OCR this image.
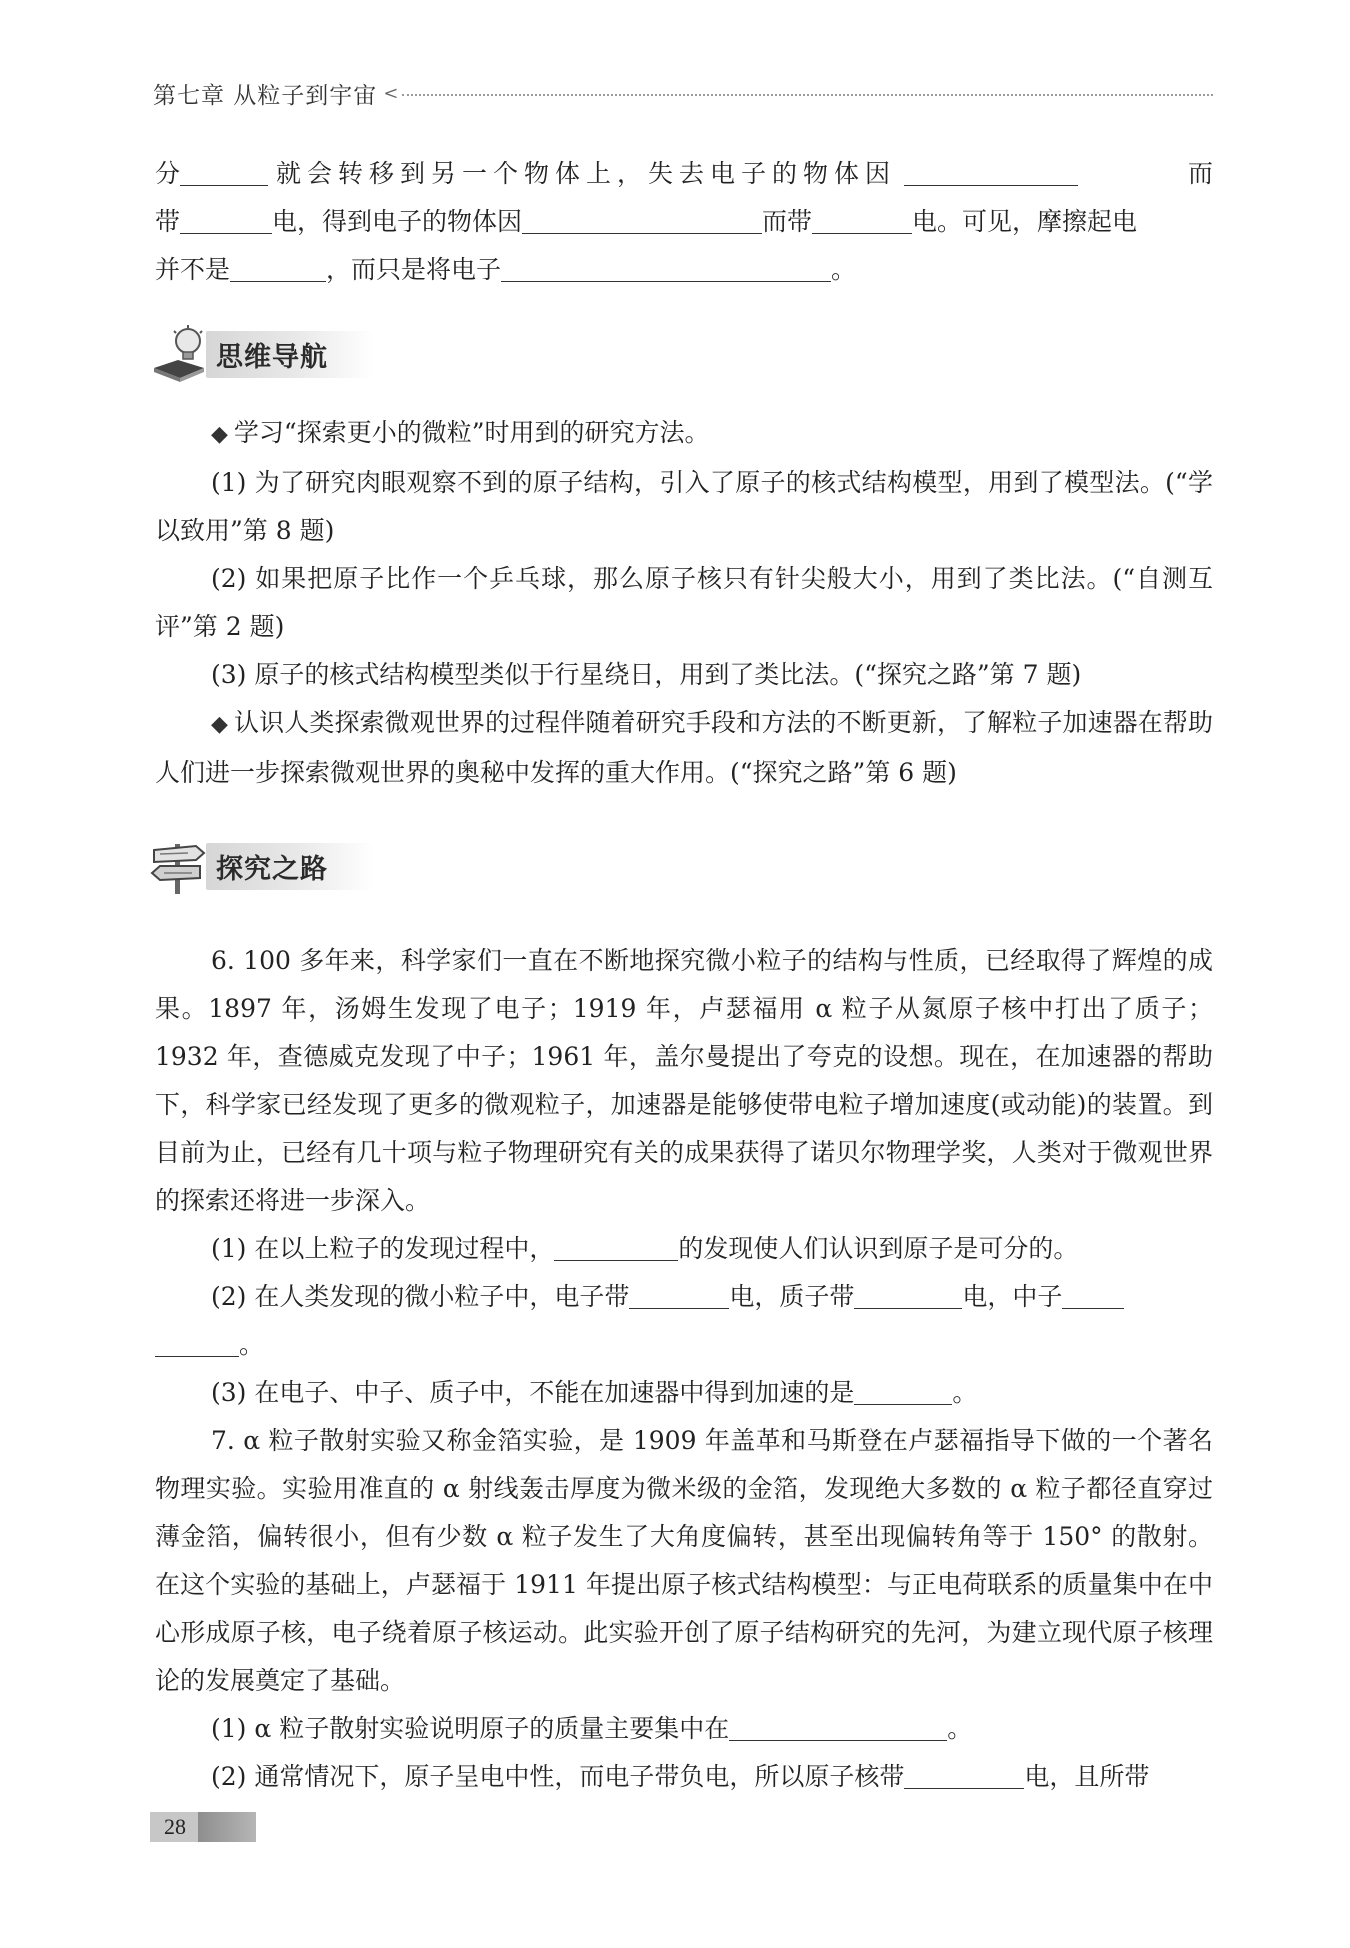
第七章 从粒子到宇宙 <
分	就会转移到另一个物体上，失去电子的物体因	而
带	电，得到电子的物体因	而带	电。可见，摩擦起电
并不是	，而只是将电子	。
思维导航
◆ 学习“探索更小的微粒”时用到的研究方法。
(1) 为了研究肉眼观察不到的原子结构，引入了原子的核式结构模型，用到了模型法。(“学以致用”第 8 题)
(2) 如果把原子比作一个乒乓球，那么原子核只有针尖般大小，用到了类比法。(“自测互评”第 2 题)
(3) 原子的核式结构模型类似于行星绕日，用到了类比法。(“探究之路”第 7 题)
◆ 认识人类探索微观世界的过程伴随着研究手段和方法的不断更新，了解粒子加速器在帮助人们进一步探索微观世界的奥秘中发挥的重大作用。(“探究之路”第 6 题)
探究之路
6. 100 多年来，科学家们一直在不断地探究微小粒子的结构与性质，已经取得了辉煌的成果。1897 年，汤姆生发现了电子；1919 年，卢瑟福用 α 粒子从氮原子核中打出了质子；1932 年，查德威克发现了中子；1961 年，盖尔曼提出了夸克的设想。现在，在加速器的帮助下，科学家已经发现了更多的微观粒子，加速器是能够使带电粒子增加速度(或动能)的装置。到目前为止，已经有几十项与粒子物理研究有关的成果获得了诺贝尔物理学奖，人类对于微观世界的探索还将进一步深入。
(1) 在以上粒子的发现过程中，	的发现使人们认识到原子是可分的。
(2) 在人类发现的微小粒子中，电子带	电，质子带	电，中子
。
(3) 在电子、中子、质子中，不能在加速器中得到加速的是	。
7. α 粒子散射实验又称金箔实验，是 1909 年盖革和马斯登在卢瑟福指导下做的一个著名物理实验。实验用准直的 α 射线轰击厚度为微米级的金箔，发现绝大多数的 α 粒子都径直穿过薄金箔，偏转很小，但有少数 α 粒子发生了大角度偏转，甚至出现偏转角等于 150° 的散射。在这个实验的基础上，卢瑟福于 1911 年提出原子核式结构模型：与正电荷联系的质量集中在中心形成原子核，电子绕着原子核运动。此实验开创了原子结构研究的先河，为建立现代原子核理论的发展奠定了基础。
(1) α 粒子散射实验说明原子的质量主要集中在	。
(2) 通常情况下，原子呈电中性，而电子带负电，所以原子核带	电，且所带
28
